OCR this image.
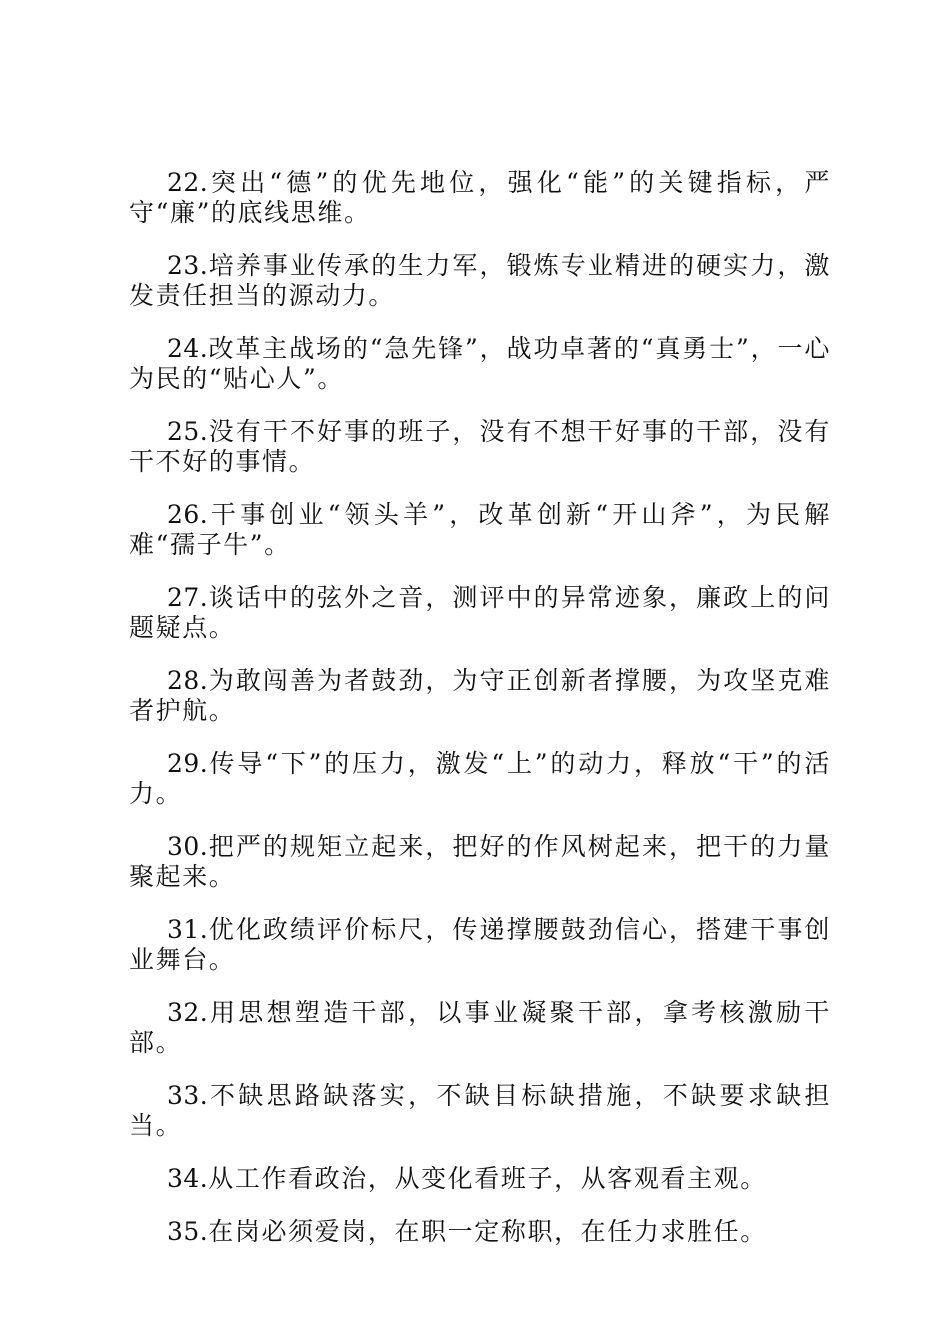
22.突出“德”的优先地位，强化“能”的关键指标，严守“廉”的底线思维。

23.培养事业传承的生力军，锻炼专业精进的硬实力，激发责任担当的源动力。

24.改革主战场的“急先锋”，战功卓著的“真勇士”，一心为民的“贴心人”。

25.没有干不好事的班子，没有不想干好事的干部，没有干不好的事情。

26.干事创业“领头羊”，改革创新“开山斧”，为民解难“孺子牛”。

27.谈话中的弦外之音，测评中的异常迹象，廉政上的问题疑点。

28.为敢闯善为者鼓劲，为守正创新者撑腰，为攻坚克难者护航。

29.传导“下”的压力，激发“上”的动力，释放“干”的活力。

30.把严的规矩立起来，把好的作风树起来，把干的力量聚起来。

31.优化政绩评价标尺，传递撑腰鼓劲信心，搭建干事创业舞台。

32.用思想塑造干部，以事业凝聚干部，拿考核激励干部。

33.不缺思路缺落实，不缺目标缺措施，不缺要求缺担当。

34.从工作看政治，从变化看班子，从客观看主观。

35.在岗必须爱岗，在职一定称职，在任力求胜任。
